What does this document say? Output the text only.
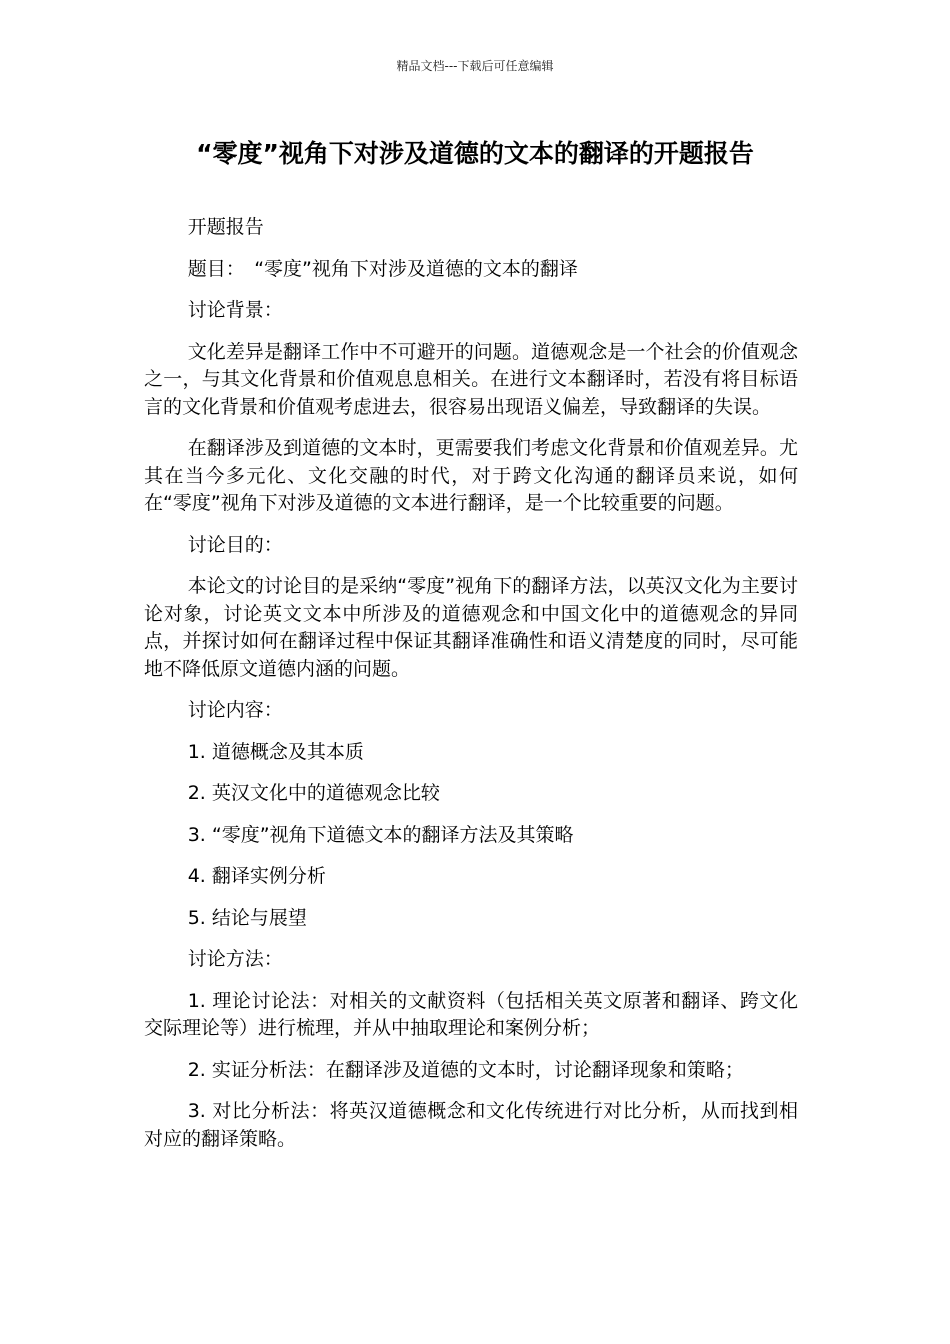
精品文档---下载后可任意编辑
“零度”视角下对涉及道德的文本的翻译的开题报告

开题报告

题目：　“零度”视角下对涉及道德的文本的翻译

讨论背景：

文化差异是翻译工作中不可避开的问题。道德观念是一个社会的价值观念之一，与其文化背景和价值观息息相关。在进行文本翻译时，若没有将目标语言的文化背景和价值观考虑进去，很容易出现语义偏差，导致翻译的失误。

在翻译涉及到道德的文本时，更需要我们考虑文化背景和价值观差异。尤其在当今多元化、文化交融的时代，对于跨文化沟通的翻译员来说，如何在“零度”视角下对涉及道德的文本进行翻译，是一个比较重要的问题。

讨论目的：

本论文的讨论目的是采纳“零度”视角下的翻译方法，以英汉文化为主要讨论对象，讨论英文文本中所涉及的道德观念和中国文化中的道德观念的异同点，并探讨如何在翻译过程中保证其翻译准确性和语义清楚度的同时，尽可能地不降低原文道德内涵的问题。

讨论内容：

1. 道德概念及其本质

2. 英汉文化中的道德观念比较

3. “零度”视角下道德文本的翻译方法及其策略

4. 翻译实例分析

5. 结论与展望

讨论方法：

1. 理论讨论法：对相关的文献资料（包括相关英文原著和翻译、跨文化交际理论等）进行梳理，并从中抽取理论和案例分析；

2. 实证分析法：在翻译涉及道德的文本时，讨论翻译现象和策略；

3. 对比分析法：将英汉道德概念和文化传统进行对比分析，从而找到相对应的翻译策略。
